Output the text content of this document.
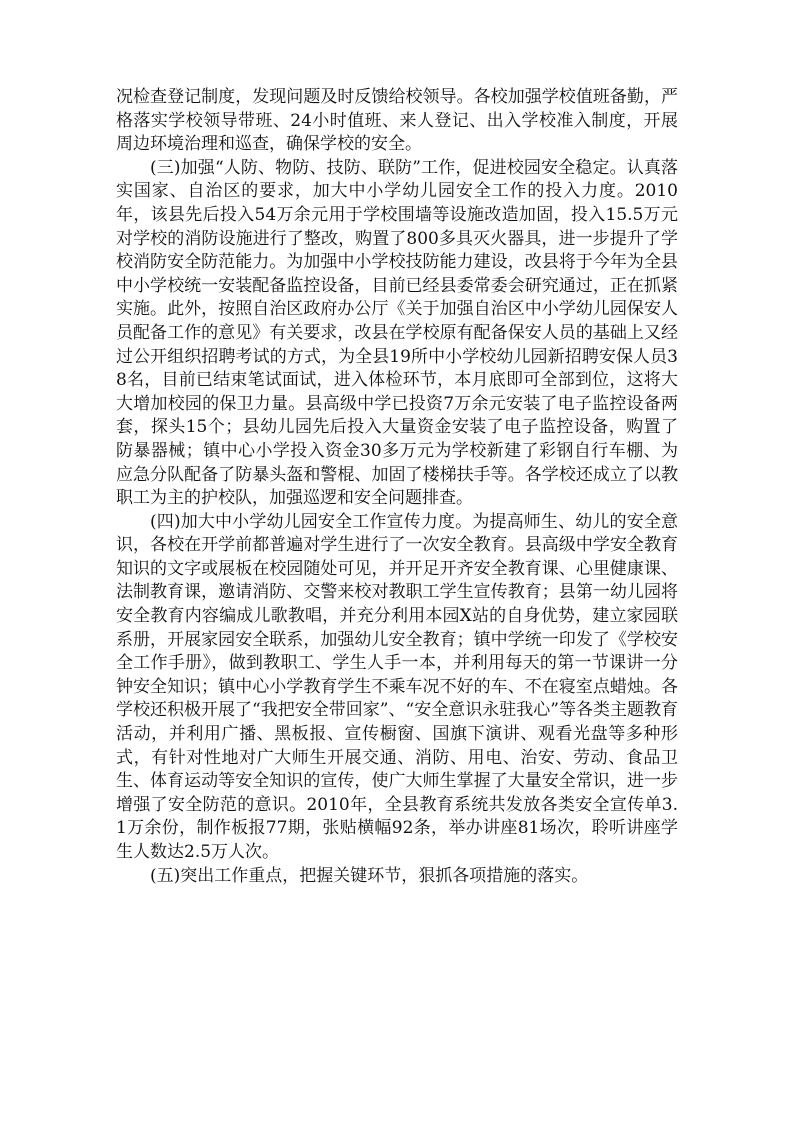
况检查登记制度，发现问题及时反馈给校领导。各校加强学校值班备勤，严格落实学校领导带班、24小时值班、来人登记、出入学校准入制度，开展周边环境治理和巡查，确保学校的安全。

(三)加强“人防、物防、技防、联防”工作，促进校园安全稳定。认真落实国家、自治区的要求，加大中小学幼儿园安全工作的投入力度。2010年，该县先后投入54万余元用于学校围墙等设施改造加固，投入15.5万元对学校的消防设施进行了整改，购置了800多具灭火器具，进一步提升了学校消防安全防范能力。为加强中小学校技防能力建设，改县将于今年为全县中小学校统一安装配备监控设备，目前已经县委常委会研究通过，正在抓紧实施。此外，按照自治区政府办公厅《关于加强自治区中小学幼儿园保安人员配备工作的意见》有关要求，改县在学校原有配备保安人员的基础上又经过公开组织招聘考试的方式，为全县19所中小学校幼儿园新招聘安保人员38名，目前已结束笔试面试，进入体检环节，本月底即可全部到位，这将大大增加校园的保卫力量。县高级中学已投资7万余元安装了电子监控设备两套，探头15个；县幼儿园先后投入大量资金安装了电子监控设备，购置了防暴器械；镇中心小学投入资金30多万元为学校新建了彩钢自行车棚、为应急分队配备了防暴头盔和警棍、加固了楼梯扶手等。各学校还成立了以教职工为主的护校队，加强巡逻和安全问题排查。

(四)加大中小学幼儿园安全工作宣传力度。为提高师生、幼儿的安全意识，各校在开学前都普遍对学生进行了一次安全教育。县高级中学安全教育知识的文字或展板在校园随处可见，并开足开齐安全教育课、心里健康课、法制教育课，邀请消防、交警来校对教职工学生宣传教育；县第一幼儿园将安全教育内容编成儿歌教唱，并充分利用本园X站的自身优势，建立家园联系册，开展家园安全联系，加强幼儿安全教育；镇中学统一印发了《学校安全工作手册》，做到教职工、学生人手一本，并利用每天的第一节课讲一分钟安全知识；镇中心小学教育学生不乘车况不好的车、不在寝室点蜡烛。各学校还积极开展了“我把安全带回家”、“安全意识永驻我心”等各类主题教育活动，并利用广播、黑板报、宣传橱窗、国旗下演讲、观看光盘等多种形式，有针对性地对广大师生开展交通、消防、用电、治安、劳动、食品卫生、体育运动等安全知识的宣传，使广大师生掌握了大量安全常识，进一步增强了安全防范的意识。2010年，全县教育系统共发放各类安全宣传单3.1万余份，制作板报77期，张贴横幅92条，举办讲座81场次，聆听讲座学生人数达2.5万人次。

(五)突出工作重点，把握关键环节，狠抓各项措施的落实。
